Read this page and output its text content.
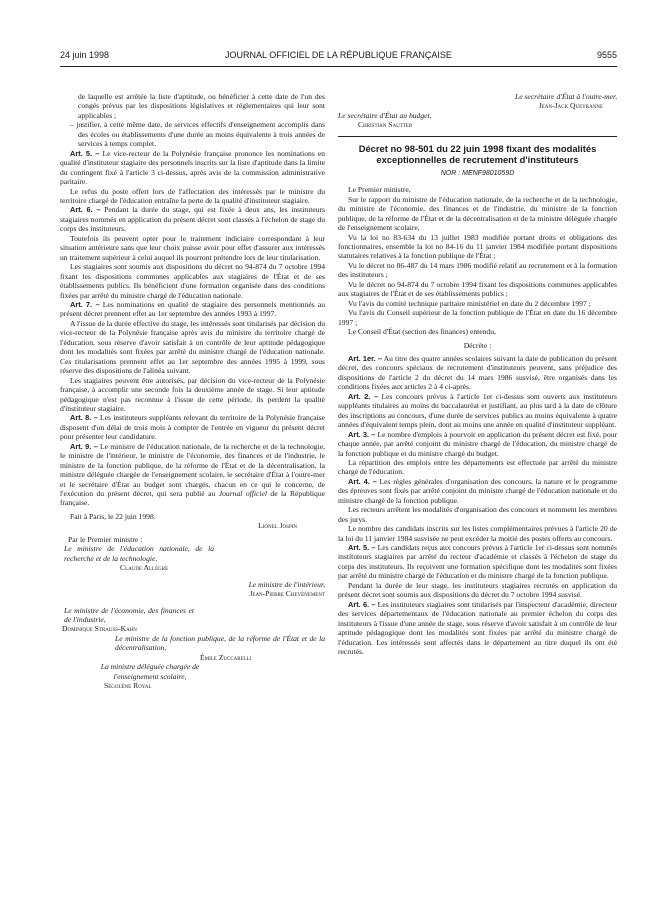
24 juin 1998	JOURNAL OFFICIEL DE LA RÉPUBLIQUE FRANÇAISE	9555

de laquelle est arrêtée la liste d'aptitude, ou bénéficier à cette date de l'un des congés prévus par les dispositions législatives et réglementaires qui leur sont applicables ;

– justifier, à cette même date, de services effectifs d'enseignement accomplis dans des écoles ou établissements d'une durée au moins équivalente à trois années de services à temps complet.

Art. 5. – Le vice-recteur de la Polynésie française prononce les nominations en qualité d'instituteur stagiaire des personnels inscrits sur la liste d'aptitude dans la limite du contingent fixé à l'article 3 ci-dessus, après avis de la commission administrative paritaire.

Le refus du poste offert lors de l'affectation des intéressés par le ministre du territoire chargé de l'éducation entraîne la perte de la qualité d'instituteur stagiaire.

Art. 6. – Pendant la durée du stage, qui est fixée à deux ans, les instituteurs stagiaires nommés en application du présent décret sont classés à l'échelon de stage du corps des instituteurs.

Toutefois ils peuvent opter pour le traitement indiciaire correspondant à leur situation antérieure sans que leur choix puisse avoir pour effet d'assurer aux intéressés un traitement supérieur à celui auquel ils pourront prétendre lors de leur titularisation.

Les stagiaires sont soumis aux dispositions du décret no 94-874 du 7 octobre 1994 fixant les dispositions communes applicables aux stagiaires de l'État et de ses établissements publics. Ils bénéficient d'une formation organisée dans des conditions fixées par arrêté du ministre chargé de l'éducation nationale.

Art. 7. – Les nominations en qualité de stagiaire des personnels mentionnés au présent décret prennent effet au 1er septembre des années 1993 à 1997.

A l'issue de la durée effective du stage, les intéressés sont titularisés par décision du vice-recteur de la Polynésie française après avis du ministre du territoire chargé de l'éducation, sous réserve d'avoir satisfait à un contrôle de leur aptitude pédagogique dont les modalités sont fixées par arrêté du ministre chargé de l'éducation nationale. Ces titularisations prennent effet au 1er septembre des années 1995 à 1999, sous réserve des dispositions de l'alinéa suivant.

Les stagiaires peuvent être autorisés, par décision du vice-recteur de la Polynésie française, à accomplir une seconde fois la deuxième année de stage. Si leur aptitude pédagogique n'est pas reconnue à l'issue de cette période, ils perdent la qualité d'instituteur stagiaire.

Art. 8. – Les instituteurs suppléants relevant du territoire de la Polynésie française disposent d'un délai de trois mois à compter de l'entrée en vigueur du présent décret pour présenter leur candidature.

Art. 9. – Le ministre de l'éducation nationale, de la recherche et de la technologie, le ministre de l'intérieur, le ministre de l'économie, des finances et de l'industrie, le ministre de la fonction publique, de la réforme de l'État et de la décentralisation, la ministre déléguée chargée de l'enseignement scolaire, le secrétaire d'État à l'outre-mer et le secrétaire d'État au budget sont chargés, chacun en ce qui le concerne, de l'exécution du présent décret, qui sera publié au Journal officiel de la République française.

Fait à Paris, le 22 juin 1998.

Lionel Jospin

Par le Premier ministre :

Le ministre de l'éducation nationale, de la recherche et de la technologie,

Claude Allègre

Le ministre de l'intérieur,

Jean-Pierre Chevènement

Le ministre de l'économie, des finances et de l'industrie,

Dominique Strauss-Kahn

Le ministre de la fonction publique, de la réforme de l'État et de la décentralisation,

Émile Zuccarelli

La ministre déléguée chargée de l'enseignement scolaire,

Ségolène Royal

Le secrétaire d'État à l'outre-mer,

Jean-Jack Queyranne

Le secrétaire d'État au budget,

Christian Sautter

Décret no 98-501 du 22 juin 1998 fixant des modalités exceptionnelles de recrutement d'instituteurs

NOR : MENF9801059D

Le Premier ministre,

Sur le rapport du ministre de l'éducation nationale, de la recherche et de la technologie, du ministre de l'économie, des finances et de l'industrie, du ministre de la fonction publique, de la réforme de l'État et de la décentralisation et de la ministre déléguée chargée de l'enseignement scolaire,

Vu la loi no 83-634 du 13 juillet 1983 modifiée portant droits et obligations des fonctionnaires, ensemble la loi no 84-16 du 11 janvier 1984 modifiée portant dispositions statutaires relatives à la fonction publique de l'État ;

Vu le décret no 86-487 du 14 mars 1986 modifié relatif au recrutement et à la formation des instituteurs ;

Vu le décret no 94-874 du 7 octobre 1994 fixant les dispositions communes applicables aux stagiaires de l'État et de ses établissements publics ;

Vu l'avis du comité technique paritaire ministériel en date du 2 décembre 1997 ;

Vu l'avis du Conseil supérieur de la fonction publique de l'État en date du 16 décembre 1997 ;

Le Conseil d'État (section des finances) entendu,

Décrète :

Art. 1er. – Au titre des quatre années scolaires suivant la date de publication du présent décret, des concours spéciaux de recrutement d'instituteurs peuvent, sans préjudice des dispositions de l'article 2 du décret du 14 mars 1986 susvisé, être organisés dans les conditions fixées aux articles 2 à 4 ci-après.

Art. 2. – Les concours prévus à l'article 1er ci-dessus sont ouverts aux instituteurs suppléants titulaires au moins du baccalauréat et justifiant, au plus tard à la date de clôture des inscriptions au concours, d'une durée de services publics au moins équivalente à quatre années d'équivalent temps plein, dont au moins une année en qualité d'instituteur suppléant.

Art. 3. – Le nombre d'emplois à pourvoir en application du présent décret est fixé, pour chaque année, par arrêté conjoint du ministre chargé de l'éducation, du ministre chargé de la fonction publique et du ministre chargé du budget.

La répartition des emplois entre les départements est effectuée par arrêté du ministre chargé de l'éducation.

Art. 4. – Les règles générales d'organisation des concours, la nature et le programme des épreuves sont fixés par arrêté conjoint du ministre chargé de l'éducation nationale et du ministre chargé de la fonction publique.

Les recteurs arrêtent les modalités d'organisation des concours et nomment les membres des jurys.

Le nombre des candidats inscrits sur les listes complémentaires prévues à l'article 20 de la loi du 11 janvier 1984 susvisée ne peut excéder la moitié des postes offerts au concours.

Art. 5. – Les candidats reçus aux concours prévus à l'article 1er ci-dessus sont nommés instituteurs stagiaires par arrêté du recteur d'académie et classés à l'échelon de stage du corps des instituteurs. Ils reçoivent une formation spécifique dont les modalités sont fixées par arrêté du ministre chargé de l'éducation et du ministre chargé de la fonction publique.

Pendant la durée de leur stage, les instituteurs stagiaires recrutés en application du présent décret sont soumis aux dispositions du décret du 7 octobre 1994 susvisé.

Art. 6. – Les instituteurs stagiaires sont titularisés par l'inspecteur d'académie, directeur des services départementaux de l'éducation nationale au premier échelon du corps des instituteurs à l'issue d'une année de stage, sous réserve d'avoir satisfait à un contrôle de leur aptitude pédagogique dont les modalités sont fixées par arrêté du ministre chargé de l'éducation. Les intéressés sont affectés dans le département au titre duquel ils ont été recrutés.
